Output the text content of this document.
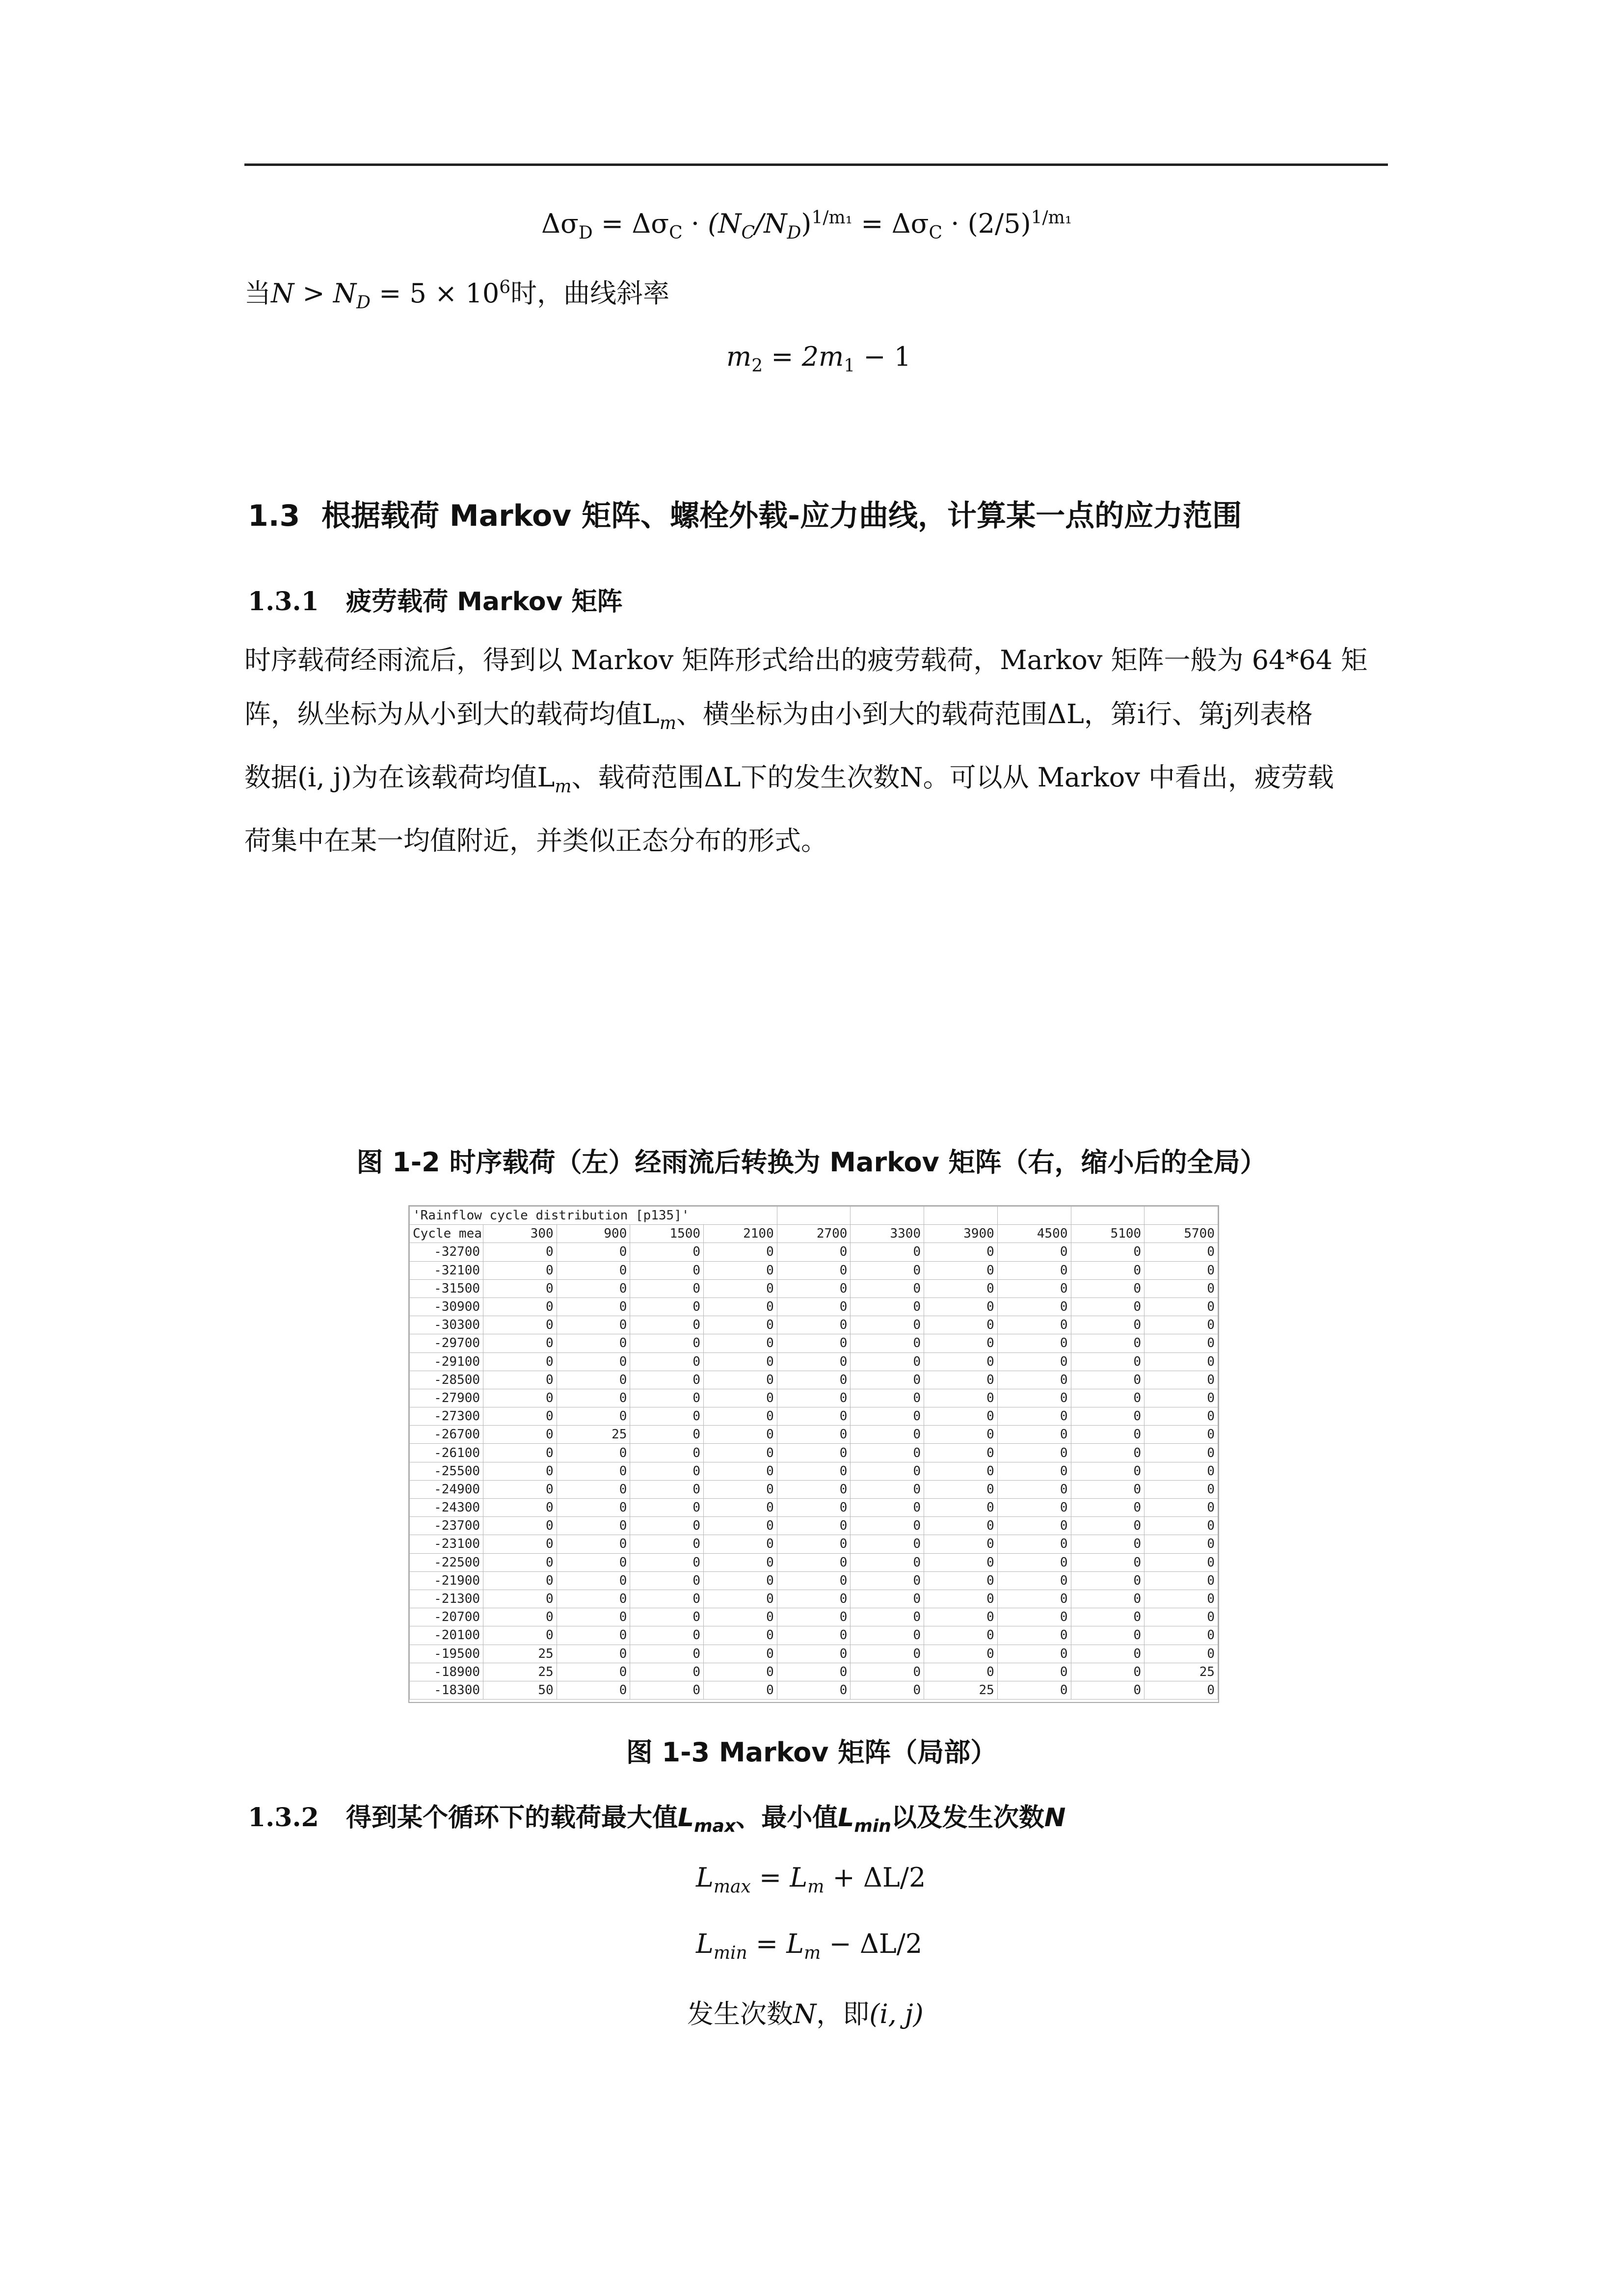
$\Delta\sigma_D = \Delta\sigma_C \cdot (N_C/N_D)^{1/m_1} = \Delta\sigma_C \cdot (2/5)^{1/m_1}$
当$N > N_D = 5 \times 10^6$时，曲线斜率
$m_2 = 2m_1 - 1$
1.3 根据载荷 Markov 矩阵、螺栓外载-应力曲线，计算某一点的应力范围
1.3.1 疲劳载荷 Markov 矩阵

时序载荷经雨流后，得到以 Markov 矩阵形式给出的疲劳载荷，Markov 矩阵一般为 64*64 矩

阵，纵坐标为从小到大的载荷均值$L_m$、横坐标为由小到大的载荷范围ΔL，第i行、第j列表格

数据(i, j)为在该载荷均值$L_m$、载荷范围ΔL下的发生次数N。可以从 Markov 中看出，疲劳载

荷集中在某一均值附近，并类似正态分布的形式。

图 1-2 时序载荷（左）经雨流后转换为 Markov 矩阵（右，缩小后的全局）
'Rainflow cycle distribution [p135]'										
Cycle mea	300	900	1500	2100	2700	3300	3900	4500	5100	5700
-32700	0	0	0	0	0	0	0	0	0	0
-32100	0	0	0	0	0	0	0	0	0	0
-31500	0	0	0	0	0	0	0	0	0	0
-30900	0	0	0	0	0	0	0	0	0	0
-30300	0	0	0	0	0	0	0	0	0	0
-29700	0	0	0	0	0	0	0	0	0	0
-29100	0	0	0	0	0	0	0	0	0	0
-28500	0	0	0	0	0	0	0	0	0	0
-27900	0	0	0	0	0	0	0	0	0	0
-27300	0	0	0	0	0	0	0	0	0	0
-26700	0	25	0	0	0	0	0	0	0	0
-26100	0	0	0	0	0	0	0	0	0	0
-25500	0	0	0	0	0	0	0	0	0	0
-24900	0	0	0	0	0	0	0	0	0	0
-24300	0	0	0	0	0	0	0	0	0	0
-23700	0	0	0	0	0	0	0	0	0	0
-23100	0	0	0	0	0	0	0	0	0	0
-22500	0	0	0	0	0	0	0	0	0	0
-21900	0	0	0	0	0	0	0	0	0	0
-21300	0	0	0	0	0	0	0	0	0	0
-20700	0	0	0	0	0	0	0	0	0	0
-20100	0	0	0	0	0	0	0	0	0	0
-19500	25	0	0	0	0	0	0	0	0	0
-18900	25	0	0	0	0	0	0	0	0	25
-18300	50	0	0	0	0	0	25	0	0	0
图 1-3 Markov 矩阵（局部）
1.3.2 得到某个循环下的载荷最大值$L_{max}$、最小值$L_{min}$以及发生次数N
$L_{max} = L_m + \Delta L/2$
$L_{min} = L_m - \Delta L/2$
发生次数N，即(i, j)
